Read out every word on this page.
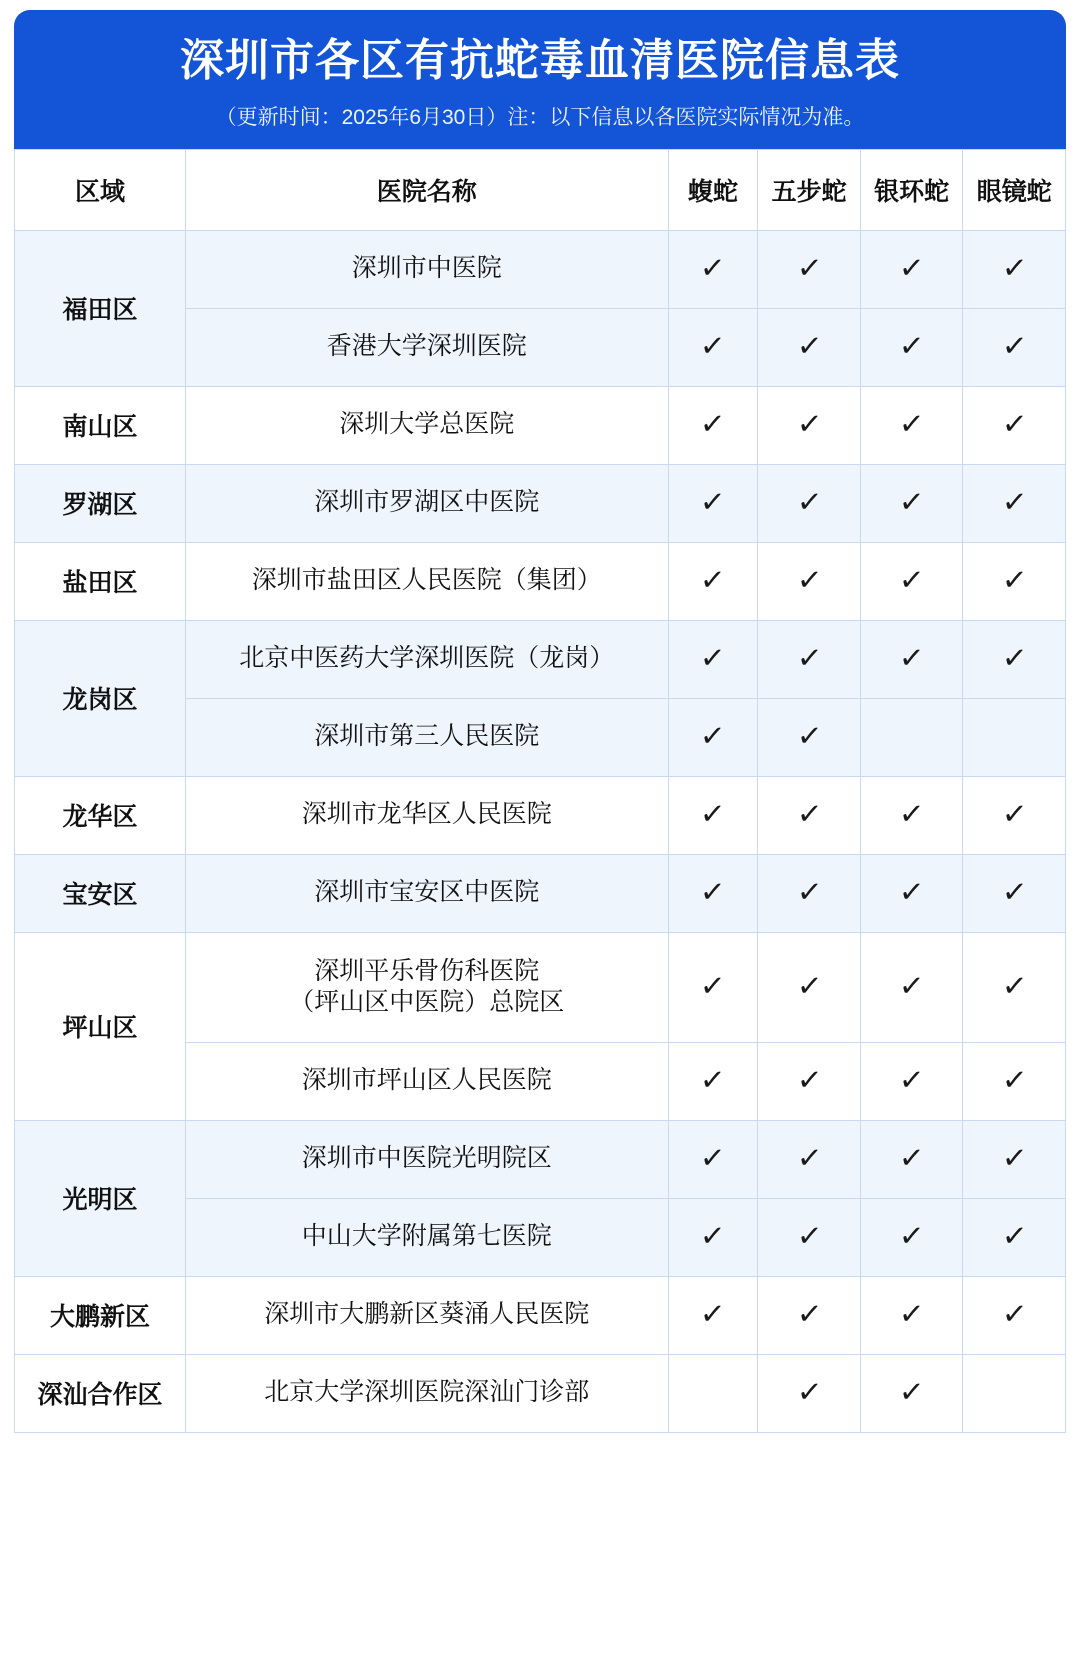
深圳市各区有抗蛇毒血清医院信息表
（更新时间：2025年6月30日）注：以下信息以各医院实际情况为准。
区域	医院名称	蝮蛇	五步蛇	银环蛇	眼镜蛇
福田区	深圳市中医院	✓	✓	✓	✓
	香港大学深圳医院	✓	✓	✓	✓
南山区	深圳大学总医院	✓	✓	✓	✓
罗湖区	深圳市罗湖区中医院	✓	✓	✓	✓
盐田区	深圳市盐田区人民医院（集团）	✓	✓	✓	✓
龙岗区	北京中医药大学深圳医院（龙岗）	✓	✓	✓	✓
	深圳市第三人民医院	✓	✓		
龙华区	深圳市龙华区人民医院	✓	✓	✓	✓
宝安区	深圳市宝安区中医院	✓	✓	✓	✓
坪山区	深圳平乐骨伤科医院
（坪山区中医院）总院区	✓	✓	✓	✓
	深圳市坪山区人民医院	✓	✓	✓	✓
光明区	深圳市中医院光明院区	✓	✓	✓	✓
	中山大学附属第七医院	✓	✓	✓	✓
大鹏新区	深圳市大鹏新区葵涌人民医院	✓	✓	✓	✓
深汕合作区	北京大学深圳医院深汕门诊部		✓	✓	
